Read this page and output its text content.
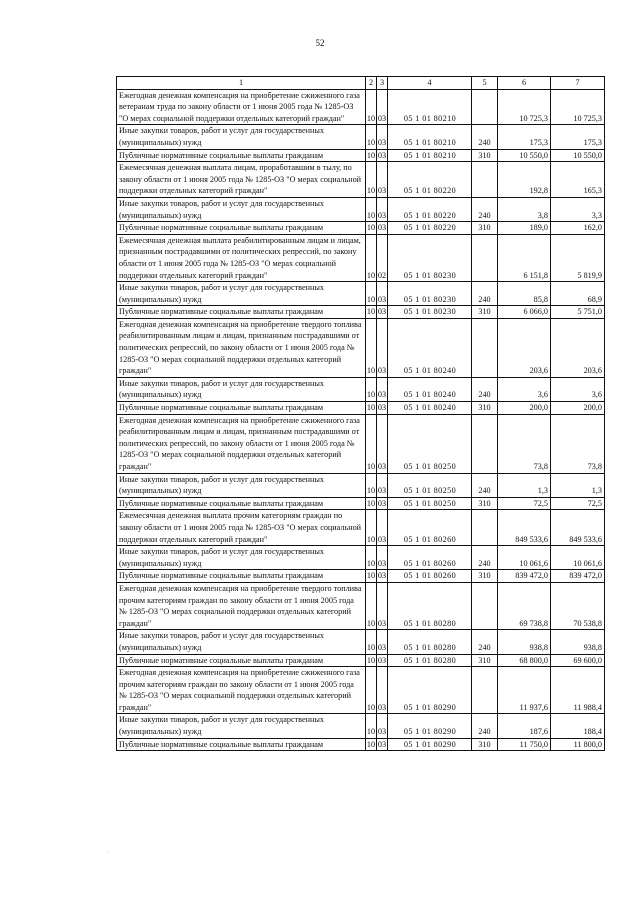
52
1	2	3	4	5	6	7
Ежегодная денежная компенсация на приобретение сжиженного газа ветеранам труда по закону области от 1 июня 2005 года № 1285-ОЗ "О мерах социальной поддержки отдельных категорий граждан"	10	03	05 1 01 80210		10 725,3	10 725,3
Иные закупки товаров, работ и услуг для государственных (муниципальных) нужд	10	03	05 1 01 80210	240	175,3	175,3
Публичные нормативные социальные выплаты гражданам	10	03	05 1 01 80210	310	10 550,0	10 550,0
Ежемесячная денежная выплата лицам, проработавшим в тылу, по закону области от 1 июня 2005 года № 1285-ОЗ "О мерах социальной поддержки отдельных категорий граждан"	10	03	05 1 01 80220		192,8	165,3
Иные закупки товаров, работ и услуг для государственных (муниципальных) нужд	10	03	05 1 01 80220	240	3,8	3,3
Публичные нормативные социальные выплаты гражданам	10	03	05 1 01 80220	310	189,0	162,0
Ежемесячная денежная выплата реабилитированным лицам и лицам, признанным пострадавшими от политических репрессий, по закону области от 1 июня 2005 года № 1285-ОЗ "О мерах социальной поддержки отдельных категорий граждан"	10	02	05 1 01 80230		6 151,8	5 819,9
Иные закупки товаров, работ и услуг для государственных (муниципальных) нужд	10	03	05 1 01 80230	240	85,8	68,9
Публичные нормативные социальные выплаты гражданам	10	03	05 1 01 80230	310	6 066,0	5 751,0
Ежегодная денежная компенсация на приобретение твердого топлива реабилитированным лицам и лицам, признанным пострадавшими от политических репрессий, по закону области от 1 июня 2005 года № 1285-ОЗ "О мерах социальной поддержки отдельных категорий граждан"	10	03	05 1 01 80240		203,6	203,6
Иные закупки товаров, работ и услуг для государственных (муниципальных) нужд	10	03	05 1 01 80240	240	3,6	3,6
Публичные нормативные социальные выплаты гражданам	10	03	05 1 01 80240	310	200,0	200,0
Ежегодная денежная компенсация на приобретение сжиженного газа реабилитированным лицам и лицам, признанным пострадавшими от политических репрессий, по закону области от 1 июня 2005 года № 1285-ОЗ "О мерах социальной поддержки отдельных категорий граждан"	10	03	05 1 01 80250		73,8	73,8
Иные закупки товаров, работ и услуг для государственных (муниципальных) нужд	10	03	05 1 01 80250	240	1,3	1,3
Публичные нормативные социальные выплаты гражданам	10	03	05 1 01 80250	310	72,5	72,5
Ежемесячная денежная выплата прочим категориям граждан по закону области от 1 июня 2005 года № 1285-ОЗ "О мерах социальной поддержки отдельных категорий граждан"	10	03	05 1 01 80260		849 533,6	849 533,6
Иные закупки товаров, работ и услуг для государственных (муниципальных) нужд	10	03	05 1 01 80260	240	10 061,6	10 061,6
Публичные нормативные социальные выплаты гражданам	10	03	05 1 01 80260	310	839 472,0	839 472,0
Ежегодная денежная компенсация на приобретение твердого топлива прочим категориям граждан по закону области от 1 июня 2005 года № 1285-ОЗ "О мерах социальной поддержки отдельных категорий граждан"	10	03	05 1 01 80280		69 738,8	70 538,8
Иные закупки товаров, работ и услуг для государственных (муниципальных) нужд	10	03	05 1 01 80280	240	938,8	938,8
Публичные нормативные социальные выплаты гражданам	10	03	05 1 01 80280	310	68 800,0	69 600,0
Ежегодная денежная компенсация на приобретение сжиженного газа прочим категориям граждан по закону области от 1 июня 2005 года № 1285-ОЗ "О мерах социальной поддержки отдельных категорий граждан"	10	03	05 1 01 80290		11 937,6	11 988,4
Иные закупки товаров, работ и услуг для государственных (муниципальных) нужд	10	03	05 1 01 80290	240	187,6	188,4
Публичные нормативные социальные выплаты гражданам	10	03	05 1 01 80290	310	11 750,0	11 800,0
·
